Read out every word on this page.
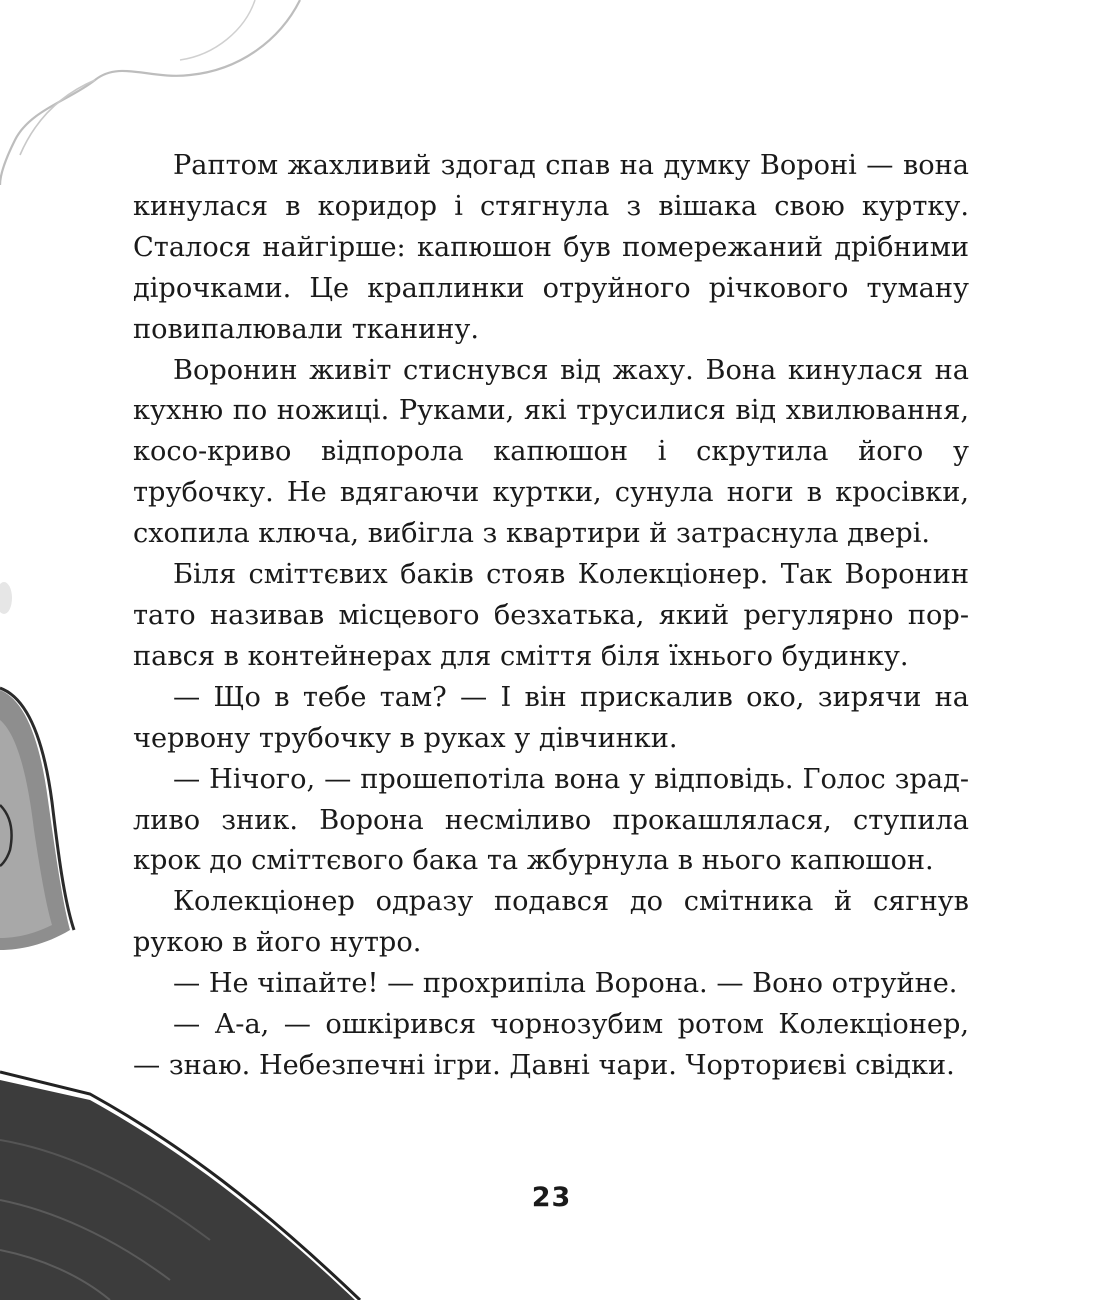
Раптом жахливий здогад спав на думку Вороні — вона кинулася в коридор і стягнула з вішака свою куртку. Сталося найгірше: капюшон був помережаний дрібними дірочками. Це краплинки отруйного річкового туману повипалювали тканину.

Воронин живіт стиснувся від жаху. Вона кинулася на кухню по ножиці. Руками, які трусилися від хвилювання, косо-криво відпорола капюшон і скрутила його у трубочку. Не вдягаючи куртки, сунула ноги в кросівки, схопила ключа, вибігла з квартири й затраснула двері.

Біля сміттєвих баків стояв Колекціонер. Так Воронин тато називав місцевого безхатька, який регулярно порпався в контейнерах для сміття біля їхнього будинку.

— Що в тебе там? — І він прискалив око, зирячи на червону трубочку в руках у дівчинки.

— Нічого, — прошепотіла вона у відповідь. Голос зрадливо зник. Ворона несміливо прокашлялася, ступила крок до сміттєвого бака та жбурнула в нього капюшон.

Колекціонер одразу подався до смітника й сягнув рукою в його нутро.

— Не чіпайте! — прохрипіла Ворона. — Воно отруйне.

— А-а, — ошкірився чорнозубим ротом Колекціонер, — знаю. Небезпечні ігри. Давні чари. Чорториєві свідки.

23
